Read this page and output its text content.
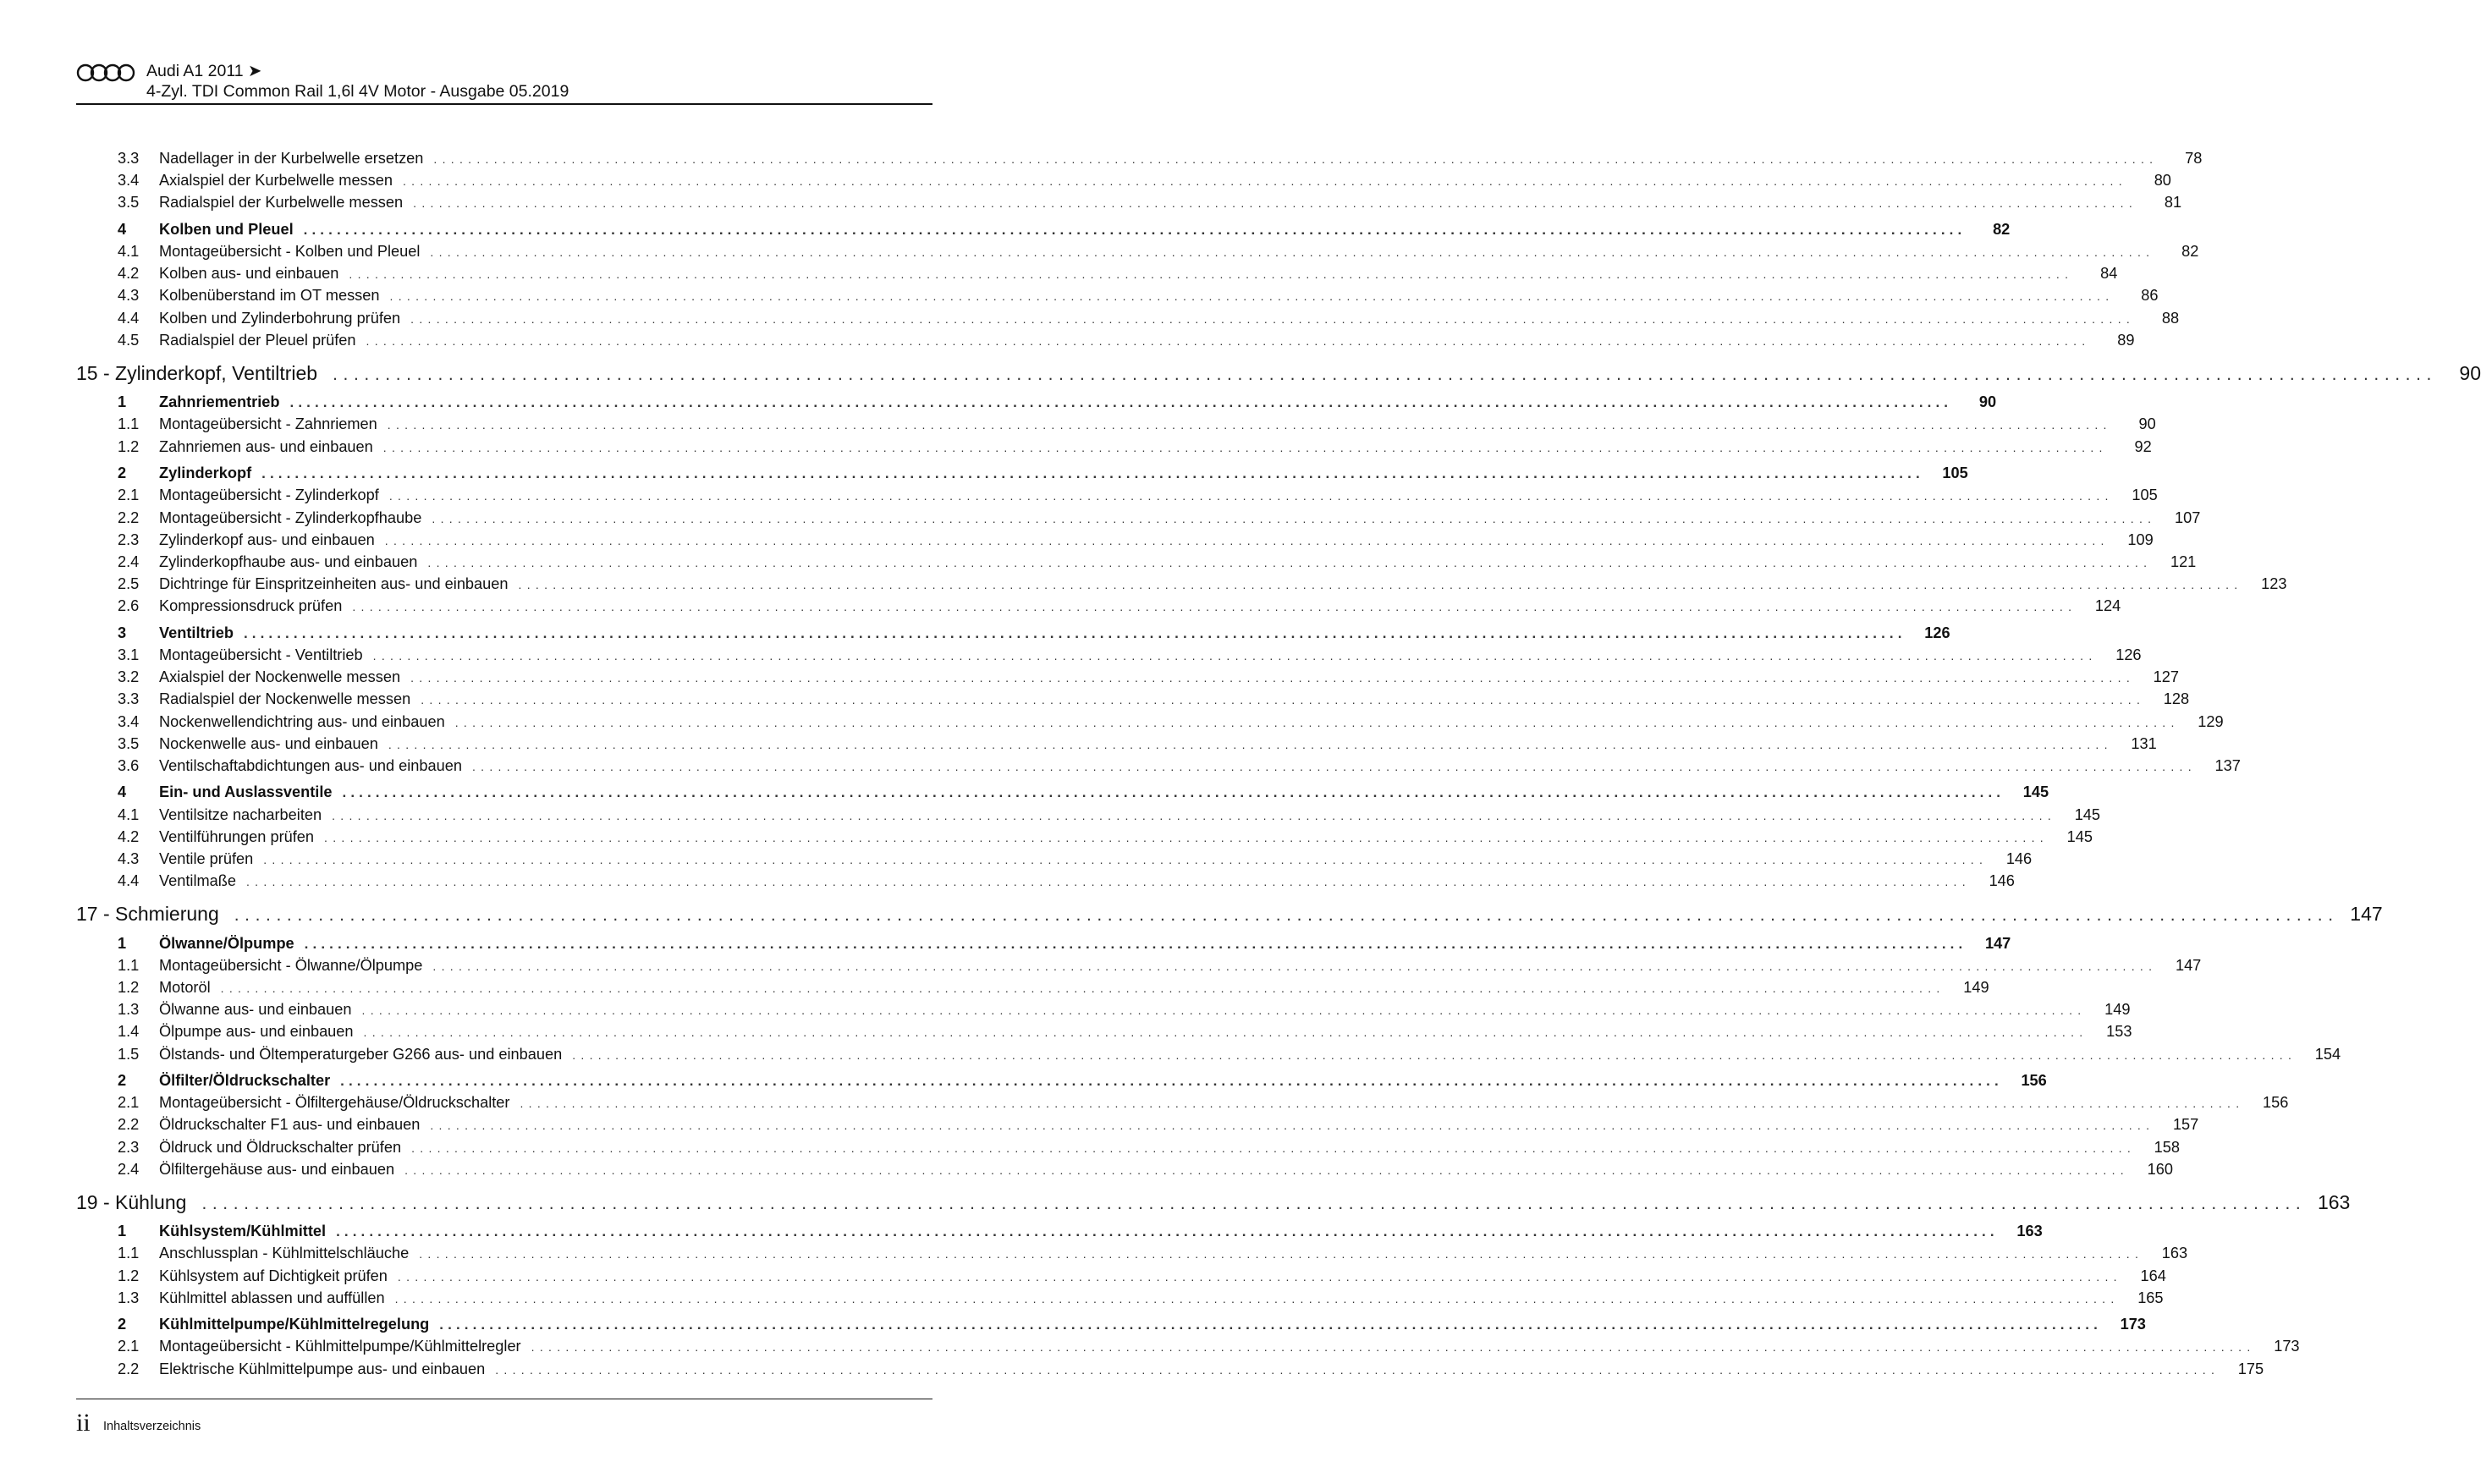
Audi A1 2011 ➤
4-Zyl. TDI Common Rail 1,6l 4V Motor - Ausgabe 05.2019
3.3	Nadellager in der Kurbelwelle ersetzen ........................................................................................................................................................................................................	78
3.4	Axialspiel der Kurbelwelle messen ........................................................................................................................................................................................................	80
3.5	Radialspiel der Kurbelwelle messen ........................................................................................................................................................................................................	81
4	Kolben und Pleuel ........................................................................................................................................................................................................	82
4.1	Montageübersicht - Kolben und Pleuel ........................................................................................................................................................................................................	82
4.2	Kolben aus- und einbauen ........................................................................................................................................................................................................	84
4.3	Kolbenüberstand im OT messen ........................................................................................................................................................................................................	86
4.4	Kolben und Zylinderbohrung prüfen ........................................................................................................................................................................................................	88
4.5	Radialspiel der Pleuel prüfen ........................................................................................................................................................................................................	89
15 - Zylinderkopf, Ventiltrieb ........................................................................................................................................................................................................	90
1	Zahnriementrieb ........................................................................................................................................................................................................	90
1.1	Montageübersicht - Zahnriemen ........................................................................................................................................................................................................	90
1.2	Zahnriemen aus- und einbauen ........................................................................................................................................................................................................	92
2	Zylinderkopf ........................................................................................................................................................................................................	105
2.1	Montageübersicht - Zylinderkopf ........................................................................................................................................................................................................	105
2.2	Montageübersicht - Zylinderkopfhaube ........................................................................................................................................................................................................	107
2.3	Zylinderkopf aus- und einbauen ........................................................................................................................................................................................................	109
2.4	Zylinderkopfhaube aus- und einbauen ........................................................................................................................................................................................................	121
2.5	Dichtringe für Einspritzeinheiten aus- und einbauen ........................................................................................................................................................................................................	123
2.6	Kompressionsdruck prüfen ........................................................................................................................................................................................................	124
3	Ventiltrieb ........................................................................................................................................................................................................	126
3.1	Montageübersicht - Ventiltrieb ........................................................................................................................................................................................................	126
3.2	Axialspiel der Nockenwelle messen ........................................................................................................................................................................................................	127
3.3	Radialspiel der Nockenwelle messen ........................................................................................................................................................................................................	128
3.4	Nockenwellendichtring aus- und einbauen ........................................................................................................................................................................................................	129
3.5	Nockenwelle aus- und einbauen ........................................................................................................................................................................................................	131
3.6	Ventilschaftabdichtungen aus- und einbauen ........................................................................................................................................................................................................	137
4	Ein- und Auslassventile ........................................................................................................................................................................................................	145
4.1	Ventilsitze nacharbeiten ........................................................................................................................................................................................................	145
4.2	Ventilführungen prüfen ........................................................................................................................................................................................................	145
4.3	Ventile prüfen ........................................................................................................................................................................................................	146
4.4	Ventilmaße ........................................................................................................................................................................................................	146
17 - Schmierung ........................................................................................................................................................................................................ 147
1	Ölwanne/Ölpumpe ........................................................................................................................................................................................................	147
1.1	Montageübersicht - Ölwanne/Ölpumpe ........................................................................................................................................................................................................	147
1.2	Motoröl ........................................................................................................................................................................................................	149
1.3	Ölwanne aus- und einbauen ........................................................................................................................................................................................................	149
1.4	Ölpumpe aus- und einbauen ........................................................................................................................................................................................................	153
1.5	Ölstands- und Öltemperaturgeber G266 aus- und einbauen ........................................................................................................................................................................................................	154
2	Ölfilter/Öldruckschalter ........................................................................................................................................................................................................	156
2.1	Montageübersicht - Ölfiltergehäuse/Öldruckschalter ........................................................................................................................................................................................................	156
2.2	Öldruckschalter F1 aus- und einbauen ........................................................................................................................................................................................................	157
2.3	Öldruck und Öldruckschalter prüfen ........................................................................................................................................................................................................	158
2.4	Ölfiltergehäuse aus- und einbauen ........................................................................................................................................................................................................	160
19 - Kühlung ........................................................................................................................................................................................................ 163
1	Kühlsystem/Kühlmittel ........................................................................................................................................................................................................	163
1.1	Anschlussplan - Kühlmittelschläuche ........................................................................................................................................................................................................	163
1.2	Kühlsystem auf Dichtigkeit prüfen ........................................................................................................................................................................................................	164
1.3	Kühlmittel ablassen und auffüllen ........................................................................................................................................................................................................	165
2	Kühlmittelpumpe/Kühlmittelregelung ........................................................................................................................................................................................................	173
2.1	Montageübersicht - Kühlmittelpumpe/Kühlmittelregler ........................................................................................................................................................................................................	173
2.2	Elektrische Kühlmittelpumpe aus- und einbauen ........................................................................................................................................................................................................	175
ii Inhaltsverzeichnis
